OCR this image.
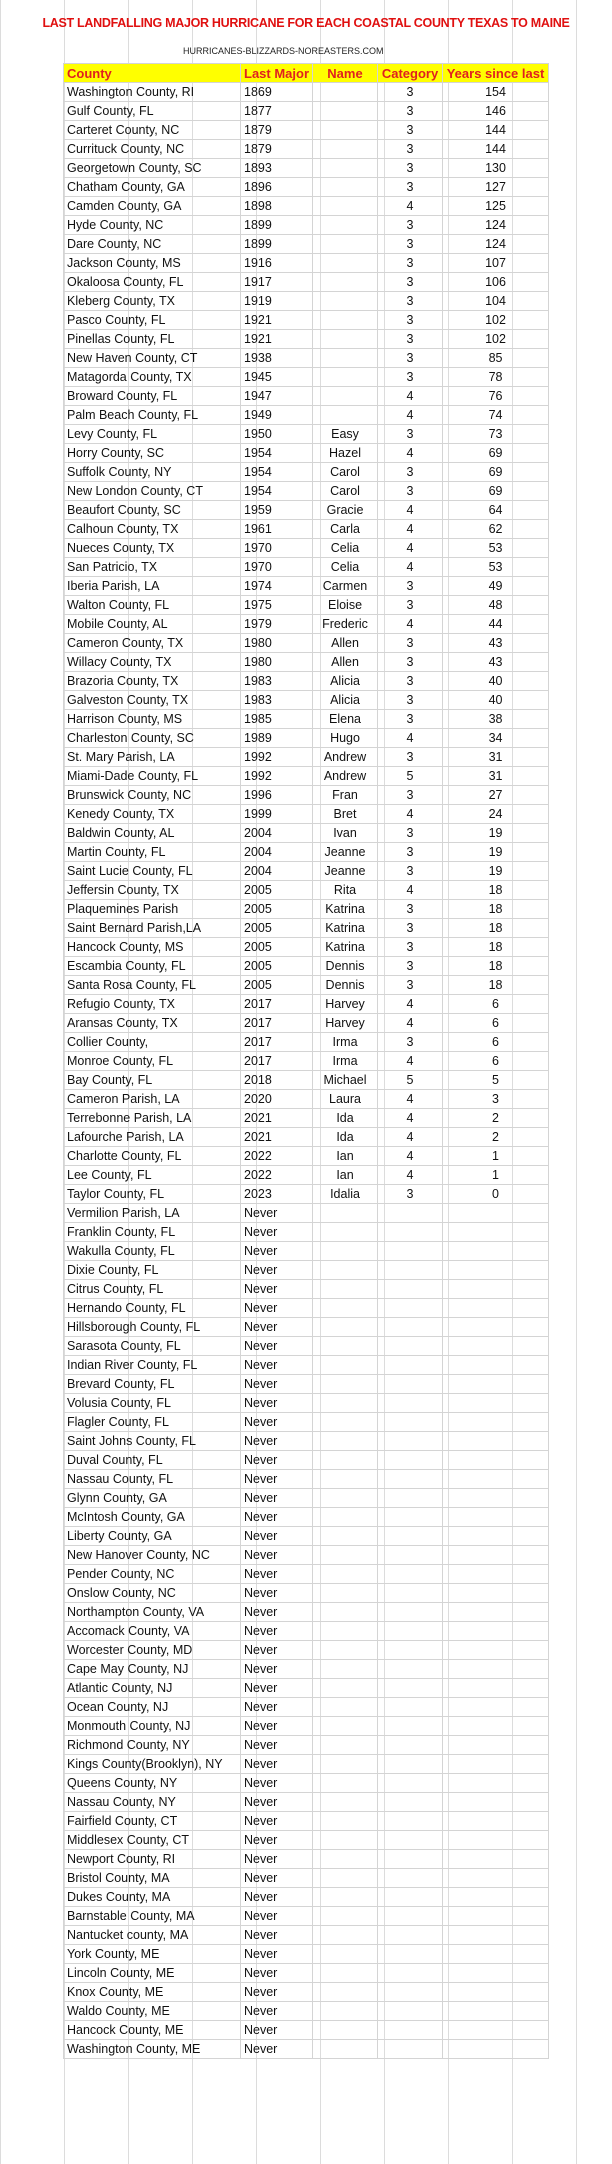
LAST LANDFALLING MAJOR HURRICANE FOR EACH COASTAL COUNTY TEXAS TO MAINE
HURRICANES-BLIZZARDS-NOREASTERS.COM
County	Last Major	Name	Category	Years since last
Washington County, RI	1869		3	154
Gulf County, FL	1877		3	146
Carteret County, NC	1879		3	144
Currituck County, NC	1879		3	144
Georgetown County, SC	1893		3	130
Chatham County, GA	1896		3	127
Camden County, GA	1898		4	125
Hyde County, NC	1899		3	124
Dare County, NC	1899		3	124
Jackson County, MS	1916		3	107
Okaloosa County, FL	1917		3	106
Kleberg County, TX	1919		3	104
Pasco County, FL	1921		3	102
Pinellas County, FL	1921		3	102
New Haven County, CT	1938		3	85
Matagorda County, TX	1945		3	78
Broward County, FL	1947		4	76
Palm Beach County, FL	1949		4	74
Levy County, FL	1950	Easy	3	73
Horry County, SC	1954	Hazel	4	69
Suffolk County, NY	1954	Carol	3	69
New London County, CT	1954	Carol	3	69
Beaufort County, SC	1959	Gracie	4	64
Calhoun County, TX	1961	Carla	4	62
Nueces County, TX	1970	Celia	4	53
San Patricio, TX	1970	Celia	4	53
Iberia Parish, LA	1974	Carmen	3	49
Walton County, FL	1975	Eloise	3	48
Mobile County, AL	1979	Frederic	4	44
Cameron County, TX	1980	Allen	3	43
Willacy County, TX	1980	Allen	3	43
Brazoria County, TX	1983	Alicia	3	40
Galveston County, TX	1983	Alicia	3	40
Harrison County, MS	1985	Elena	3	38
Charleston County, SC	1989	Hugo	4	34
St. Mary Parish, LA	1992	Andrew	3	31
Miami-Dade County, FL	1992	Andrew	5	31
Brunswick County, NC	1996	Fran	3	27
Kenedy County, TX	1999	Bret	4	24
Baldwin County, AL	2004	Ivan	3	19
Martin County, FL	2004	Jeanne	3	19
Saint Lucie County, FL	2004	Jeanne	3	19
Jeffersin County, TX	2005	Rita	4	18
Plaquemines Parish	2005	Katrina	3	18
Saint Bernard Parish,LA	2005	Katrina	3	18
Hancock County, MS	2005	Katrina	3	18
Escambia County, FL	2005	Dennis	3	18
Santa Rosa County, FL	2005	Dennis	3	18
Refugio County, TX	2017	Harvey	4	6
Aransas County, TX	2017	Harvey	4	6
Collier County,	2017	Irma	3	6
Monroe County, FL	2017	Irma	4	6
Bay County, FL	2018	Michael	5	5
Cameron Parish, LA	2020	Laura	4	3
Terrebonne Parish, LA	2021	Ida	4	2
Lafourche Parish, LA	2021	Ida	4	2
Charlotte County, FL	2022	Ian	4	1
Lee County, FL	2022	Ian	4	1
Taylor County, FL	2023	Idalia	3	0
Vermilion Parish, LA	Never			
Franklin County, FL	Never			
Wakulla County, FL	Never			
Dixie County, FL	Never			
Citrus County, FL	Never			
Hernando County, FL	Never			
Hillsborough County, FL	Never			
Sarasota County, FL	Never			
Indian River County, FL	Never			
Brevard County, FL	Never			
Volusia County, FL	Never			
Flagler County, FL	Never			
Saint Johns County, FL	Never			
Duval County, FL	Never			
Nassau County, FL	Never			
Glynn County, GA	Never			
McIntosh County, GA	Never			
Liberty County, GA	Never			
New Hanover County, NC	Never			
Pender County, NC	Never			
Onslow County, NC	Never			
Northampton County, VA	Never			
Accomack County, VA	Never			
Worcester County, MD	Never			
Cape May County, NJ	Never			
Atlantic County, NJ	Never			
Ocean County, NJ	Never			
Monmouth County, NJ	Never			
Richmond County, NY	Never			
Kings County(Brooklyn), NY	Never			
Queens County, NY	Never			
Nassau County, NY	Never			
Fairfield County, CT	Never			
Middlesex County, CT	Never			
Newport County, RI	Never			
Bristol County, MA	Never			
Dukes County, MA	Never			
Barnstable County, MA	Never			
Nantucket county, MA	Never			
York County, ME	Never			
Lincoln County, ME	Never			
Knox County, ME	Never			
Waldo County, ME	Never			
Hancock County, ME	Never			
Washington County, ME	Never			
